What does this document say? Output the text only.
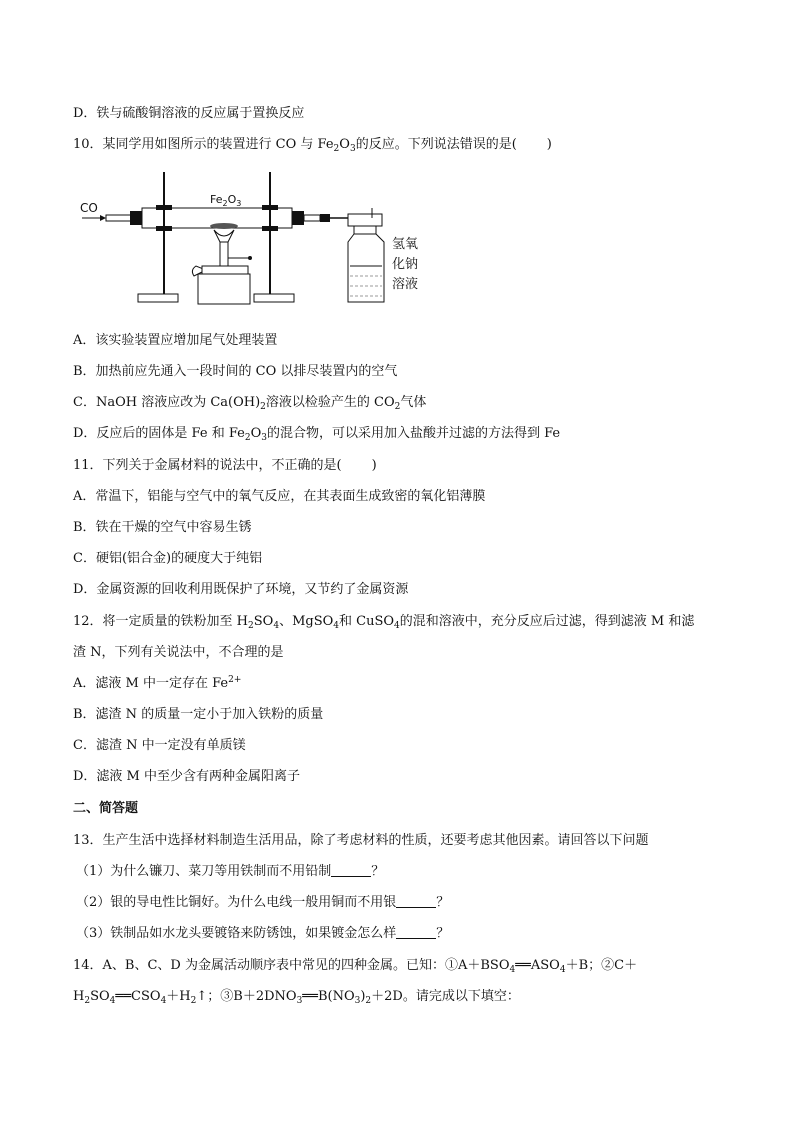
D．铁与硫酸铜溶液的反应属于置换反应
10．某同学用如图所示的装置进行 CO 与 $Fe_2O_3$的反应。下列说法错误的是( )
CO
$Fe_2O_3$
氢氧
化钠
溶液
A．该实验装置应增加尾气处理装置
B．加热前应先通入一段时间的 CO 以排尽装置内的空气
C．NaOH 溶液应改为 $Ca(OH)_2$溶液以检验产生的 $CO_2$气体
D．反应后的固体是 Fe 和 $Fe_2O_3$的混合物，可以采用加入盐酸并过滤的方法得到 Fe
11．下列关于金属材料的说法中，不正确的是( )
A．常温下，铝能与空气中的氧气反应，在其表面生成致密的氧化铝薄膜
B．铁在干燥的空气中容易生锈
C．硬铝(铝合金)的硬度大于纯铝
D．金属资源的回收利用既保护了环境，又节约了金属资源
12．将一定质量的铁粉加至 $H_2SO_4$、MgSO$_4$和 CuSO$_4$的混和溶液中，充分反应后过滤，得到滤液 M 和滤
渣 N，下列有关说法中，不合理的是
A．滤液 M 中一定存在 $Fe^{2+}$
B．滤渣 N 的质量一定小于加入铁粉的质量
C．滤渣 N 中一定没有单质镁
D．滤液 M 中至少含有两种金属阳离子
二、简答题
13．生产生活中选择材料制造生活用品，除了考虑材料的性质，还要考虑其他因素。请回答以下问题
（1）为什么镰刀、菜刀等用铁制而不用铅制	？
（2）银的导电性比铜好。为什么电线一般用铜而不用银	？
（3）铁制品如水龙头要镀铬来防锈蚀，如果镀金怎么样	？
14．A、B、C、D 为金属活动顺序表中常见的四种金属。已知：$①A+BSO_4══ASO_4+B$；②C＋
$H_2SO_4══CSO_4+H_2↑$；$③B+2DNO_3══B(NO_3)_2+2D$。请完成以下填空：
